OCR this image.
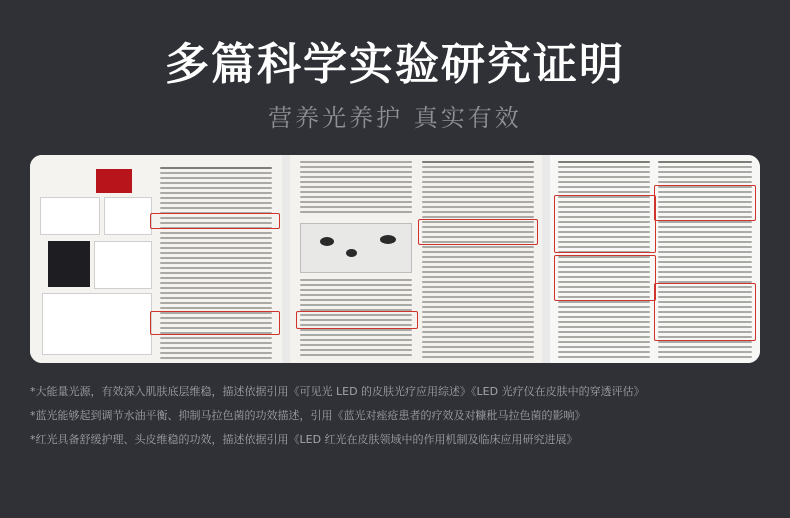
多篇科学实验研究证明
营养光养护 真实有效
*大能量光源，有效深入肌肤底层维稳，描述依据引用《可见光 LED 的皮肤光疗应用综述》《LED 光疗仪在皮肤中的穿透评估》
*蓝光能够起到调节水油平衡、抑制马拉色菌的功效描述，引用《蓝光对痤疮患者的疗效及对糠秕马拉色菌的影响》
*红光具备舒缓护理、头皮维稳的功效，描述依据引用《LED 红光在皮肤领域中的作用机制及临床应用研究进展》
